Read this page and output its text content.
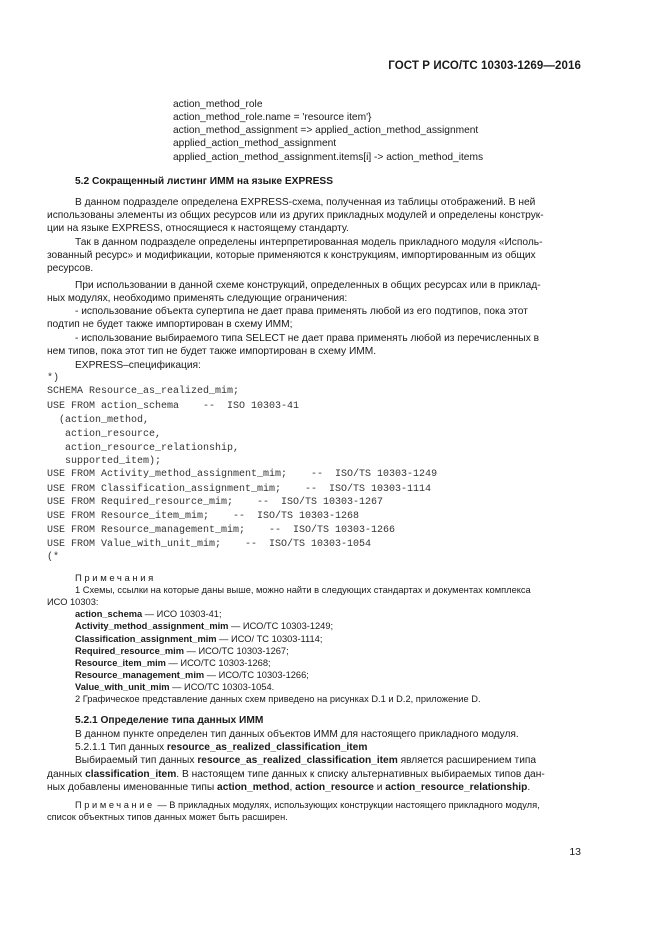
ГОСТ Р ИСО/ТС 10303-1269—2016
action_method_role
action_method_role.name = 'resource item'}
action_method_assignment => applied_action_method_assignment
applied_action_method_assignment
applied_action_method_assignment.items[i] -> action_method_items
5.2 Сокращенный листинг ИММ на языке EXPRESS
В данном подразделе определена EXPRESS-схема, полученная из таблицы отображений. В ней
использованы элементы из общих ресурсов или из других прикладных модулей и определены конструк-
ции на языке EXPRESS, относящиеся к настоящему стандарту.
Так в данном подразделе определены интерпретированная модель прикладного модуля «Исполь-
зованный ресурс» и модификации, которые применяются к конструкциям, импортированным из общих
ресурсов.
При использовании в данной схеме конструкций, определенных в общих ресурсах или в приклад-
ных модулях, необходимо применять следующие ограничения:
- использование объекта супертипа не дает права применять любой из его подтипов, пока этот
подтип не будет также импортирован в схему ИММ;
- использование выбираемого типа SELECT не дает права применять любой из перечисленных в
нем типов, пока этот тип не будет также импортирован в схему ИММ.
EXPRESS–спецификация:
*)
SCHEMA Resource_as_realized_mim;
USE FROM action_schema    --  ISO 10303-41
(action_method,
action_resource,
action_resource_relationship,
supported_item);
USE FROM Activity_method_assignment_mim;    --  ISO/TS 10303-1249
USE FROM Classification_assignment_mim;    --  ISO/TS 10303-1114
USE FROM Required_resource_mim;    --  ISO/TS 10303-1267
USE FROM Resource_item_mim;    --  ISO/TS 10303-1268
USE FROM Resource_management_mim;    --  ISO/TS 10303-1266
USE FROM Value_with_unit_mim;    --  ISO/TS 10303-1054
(*
Примечания
1 Схемы, ссылки на которые даны выше, можно найти в следующих стандартах и документах комплекса
ИСО 10303:
action_schema — ИСО 10303-41;
Activity_method_assignment_mim — ИСО/ТС 10303-1249;
Classification_assignment_mim — ИСО/ ТС 10303-1114;
Required_resource_mim — ИСО/ТС 10303-1267;
Resource_item_mim — ИСО/ТС 10303-1268;
Resource_management_mim — ИСО/ТС 10303-1266;
Value_with_unit_mim — ИСО/ТС 10303-1054.
2 Графическое представление данных схем приведено на рисунках D.1 и D.2, приложение D.
5.2.1 Определение типа данных ИММ
В данном пункте определен тип данных объектов ИММ для настоящего прикладного модуля.
5.2.1.1 Тип данных resource_as_realized_classification_item
Выбираемый тип данных resource_as_realized_classification_item является расширением типа
данных classification_item. В настоящем типе данных к списку альтернативных выбираемых типов дан-
ных добавлены именованные типы action_method, action_resource и action_resource_relationship.
Примечание — В прикладных модулях, использующих конструкции настоящего прикладного модуля,
список объектных типов данных может быть расширен.
13
